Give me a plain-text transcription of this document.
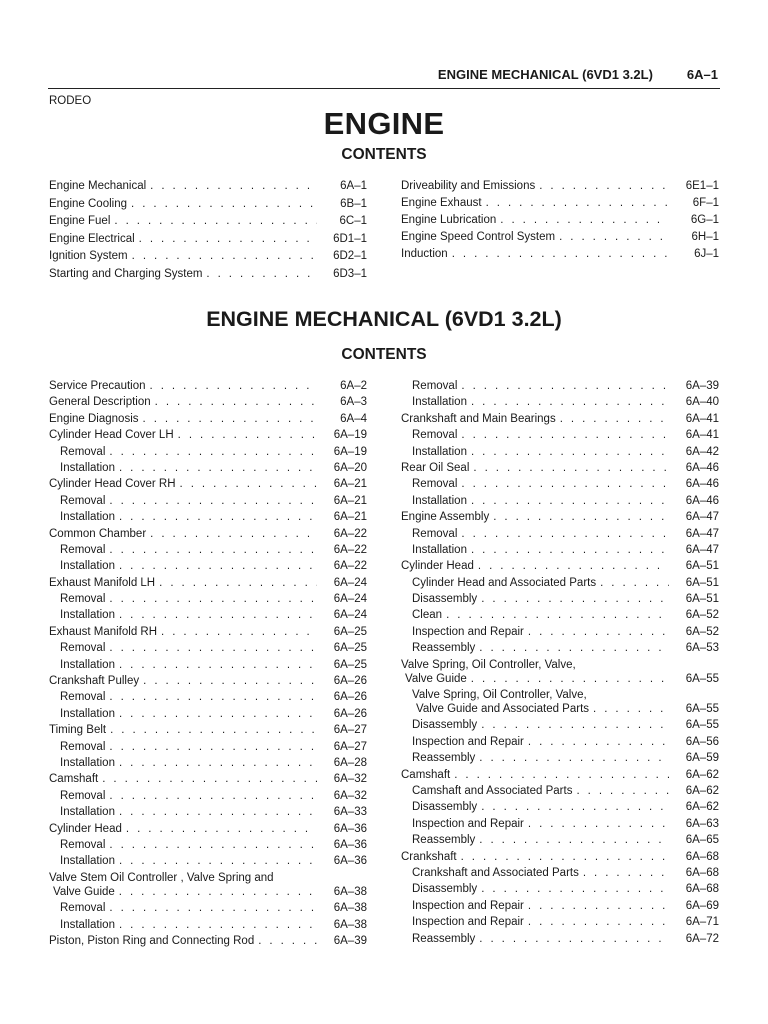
ENGINE MECHANICAL (6VD1 3.2L)	6A–1
RODEO
ENGINE
CONTENTS
Engine Mechanical . . .	6A–1
Engine Cooling . . .	6B–1
Engine Fuel . . .	6C–1
Engine Electrical . . .	6D1–1
Ignition System . . .	6D2–1
Starting and Charging System . . .	6D3–1
Driveability and Emissions . . .	6E1–1
Engine Exhaust . . .	6F–1
Engine Lubrication . . .	6G–1
Engine Speed Control System . . .	6H–1
Induction . . .	6J–1
ENGINE MECHANICAL (6VD1 3.2L)
CONTENTS
Service Precaution . . .	6A–2
General Description . . .	6A–3
Engine Diagnosis . . .	6A–4
Cylinder Head Cover LH . . .	6A–19
Removal . . .	6A–19
Installation . . .	6A–20
Cylinder Head Cover RH . . .	6A–21
Removal . . .	6A–21
Installation . . .	6A–21
Common Chamber . . .	6A–22
Removal . . .	6A–22
Installation . . .	6A–22
Exhaust Manifold LH . . .	6A–24
Removal . . .	6A–24
Installation . . .	6A–24
Exhaust Manifold RH . . .	6A–25
Removal . . .	6A–25
Installation . . .	6A–25
Crankshaft Pulley . . .	6A–26
Removal . . .	6A–26
Installation . . .	6A–26
Timing Belt . . .	6A–27
Removal . . .	6A–27
Installation . . .	6A–28
Camshaft . . .	6A–32
Removal . . .	6A–32
Installation . . .	6A–33
Cylinder Head . . .	6A–36
Removal . . .	6A–36
Installation . . .	6A–36
Valve Stem Oil Controller , Valve Spring and
Valve Guide . . .	6A–38
Removal . . .	6A–38
Installation . . .	6A–38
Piston, Piston Ring and Connecting Rod . . .	6A–39
Removal . . .	6A–39
Installation . . .	6A–40
Crankshaft and Main Bearings . . .	6A–41
Removal . . .	6A–41
Installation . . .	6A–42
Rear Oil Seal . . .	6A–46
Removal . . .	6A–46
Installation . . .	6A–46
Engine Assembly . . .	6A–47
Removal . . .	6A–47
Installation . . .	6A–47
Cylinder Head . . .	6A–51
Cylinder Head and Associated Parts . . .	6A–51
Disassembly . . .	6A–51
Clean . . .	6A–52
Inspection and Repair . . .	6A–52
Reassembly . . .	6A–53
Valve Spring, Oil Controller, Valve,
Valve Guide . . .	6A–55
Valve Spring, Oil Controller, Valve,
Valve Guide and Associated Parts . . .	6A–55
Disassembly . . .	6A–55
Inspection and Repair . . .	6A–56
Reassembly . . .	6A–59
Camshaft . . .	6A–62
Camshaft and Associated Parts . . .	6A–62
Disassembly . . .	6A–62
Inspection and Repair . . .	6A–63
Reassembly . . .	6A–65
Crankshaft . . .	6A–68
Crankshaft and Associated Parts . . .	6A–68
Disassembly . . .	6A–68
Inspection and Repair . . .	6A–69
Inspection and Repair . . .	6A–71
Reassembly . . .	6A–72
